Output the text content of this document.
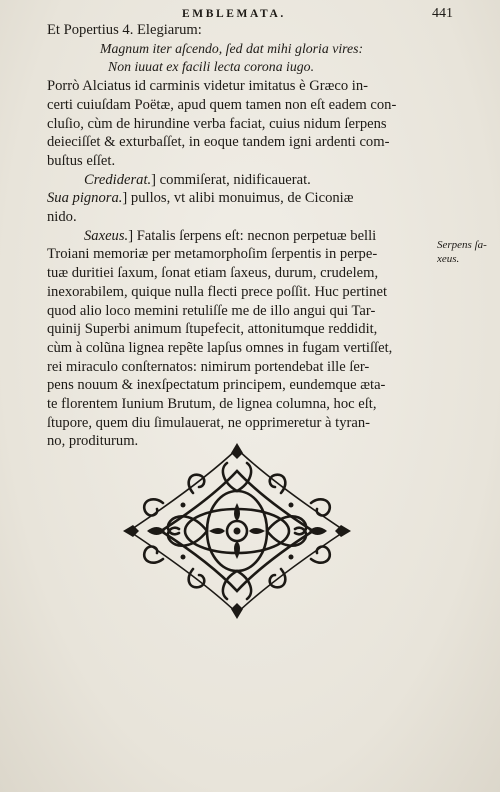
EMBLEMATA.	441
Et Popertius 4. Elegiarum:
Magnum iter aſcendo, ſed dat mihi gloria vires:
Non iuuat ex facili lecta corona iugo.
Porrò Alciatus id carminis videtur imitatus è Græco in-
certi cuiuſdam Poëtæ, apud quem tamen non eſt eadem con-
cluſio, cùm de hirundine verba faciat, cuius nidum ſerpens
deieciſſet & exturbaſſet, in eoque tandem igni ardenti com-
buſtus eſſet.
Crediderat.] commiſerat, nidificauerat.
Sua pignora.] pullos, vt alibi monuimus, de Ciconiæ
nido.
Saxeus.] Fatalis ſerpens eſt: necnon perpetuæ belli
Troiani memoriæ per metamorphoſim ſerpentis in perpe-
tuæ duritiei ſaxum, ſonat etiam ſaxeus, durum, crudelem,
inexorabilem, quique nulla flecti prece poſſit. Huc pertinet
quod alio loco memini retuliſſe me de illo angui qui Tar-
quinij Superbi animum ſtupefecit, attonitumque reddidit,
cùm à colũna lignea repẽte lapſus omnes in fugam vertiſſet,
rei miraculo conſternatos: nimirum portendebat ille ſer-
pens nouum & inexſpectatum principem, eundemque æta-
te florentem Iunium Brutum, de lignea columna, hoc eſt,
ſtupore, quem diu ſimulauerat, ne opprimeretur à tyran-
no, proditurum.
Serpens ſa-
xeus.
